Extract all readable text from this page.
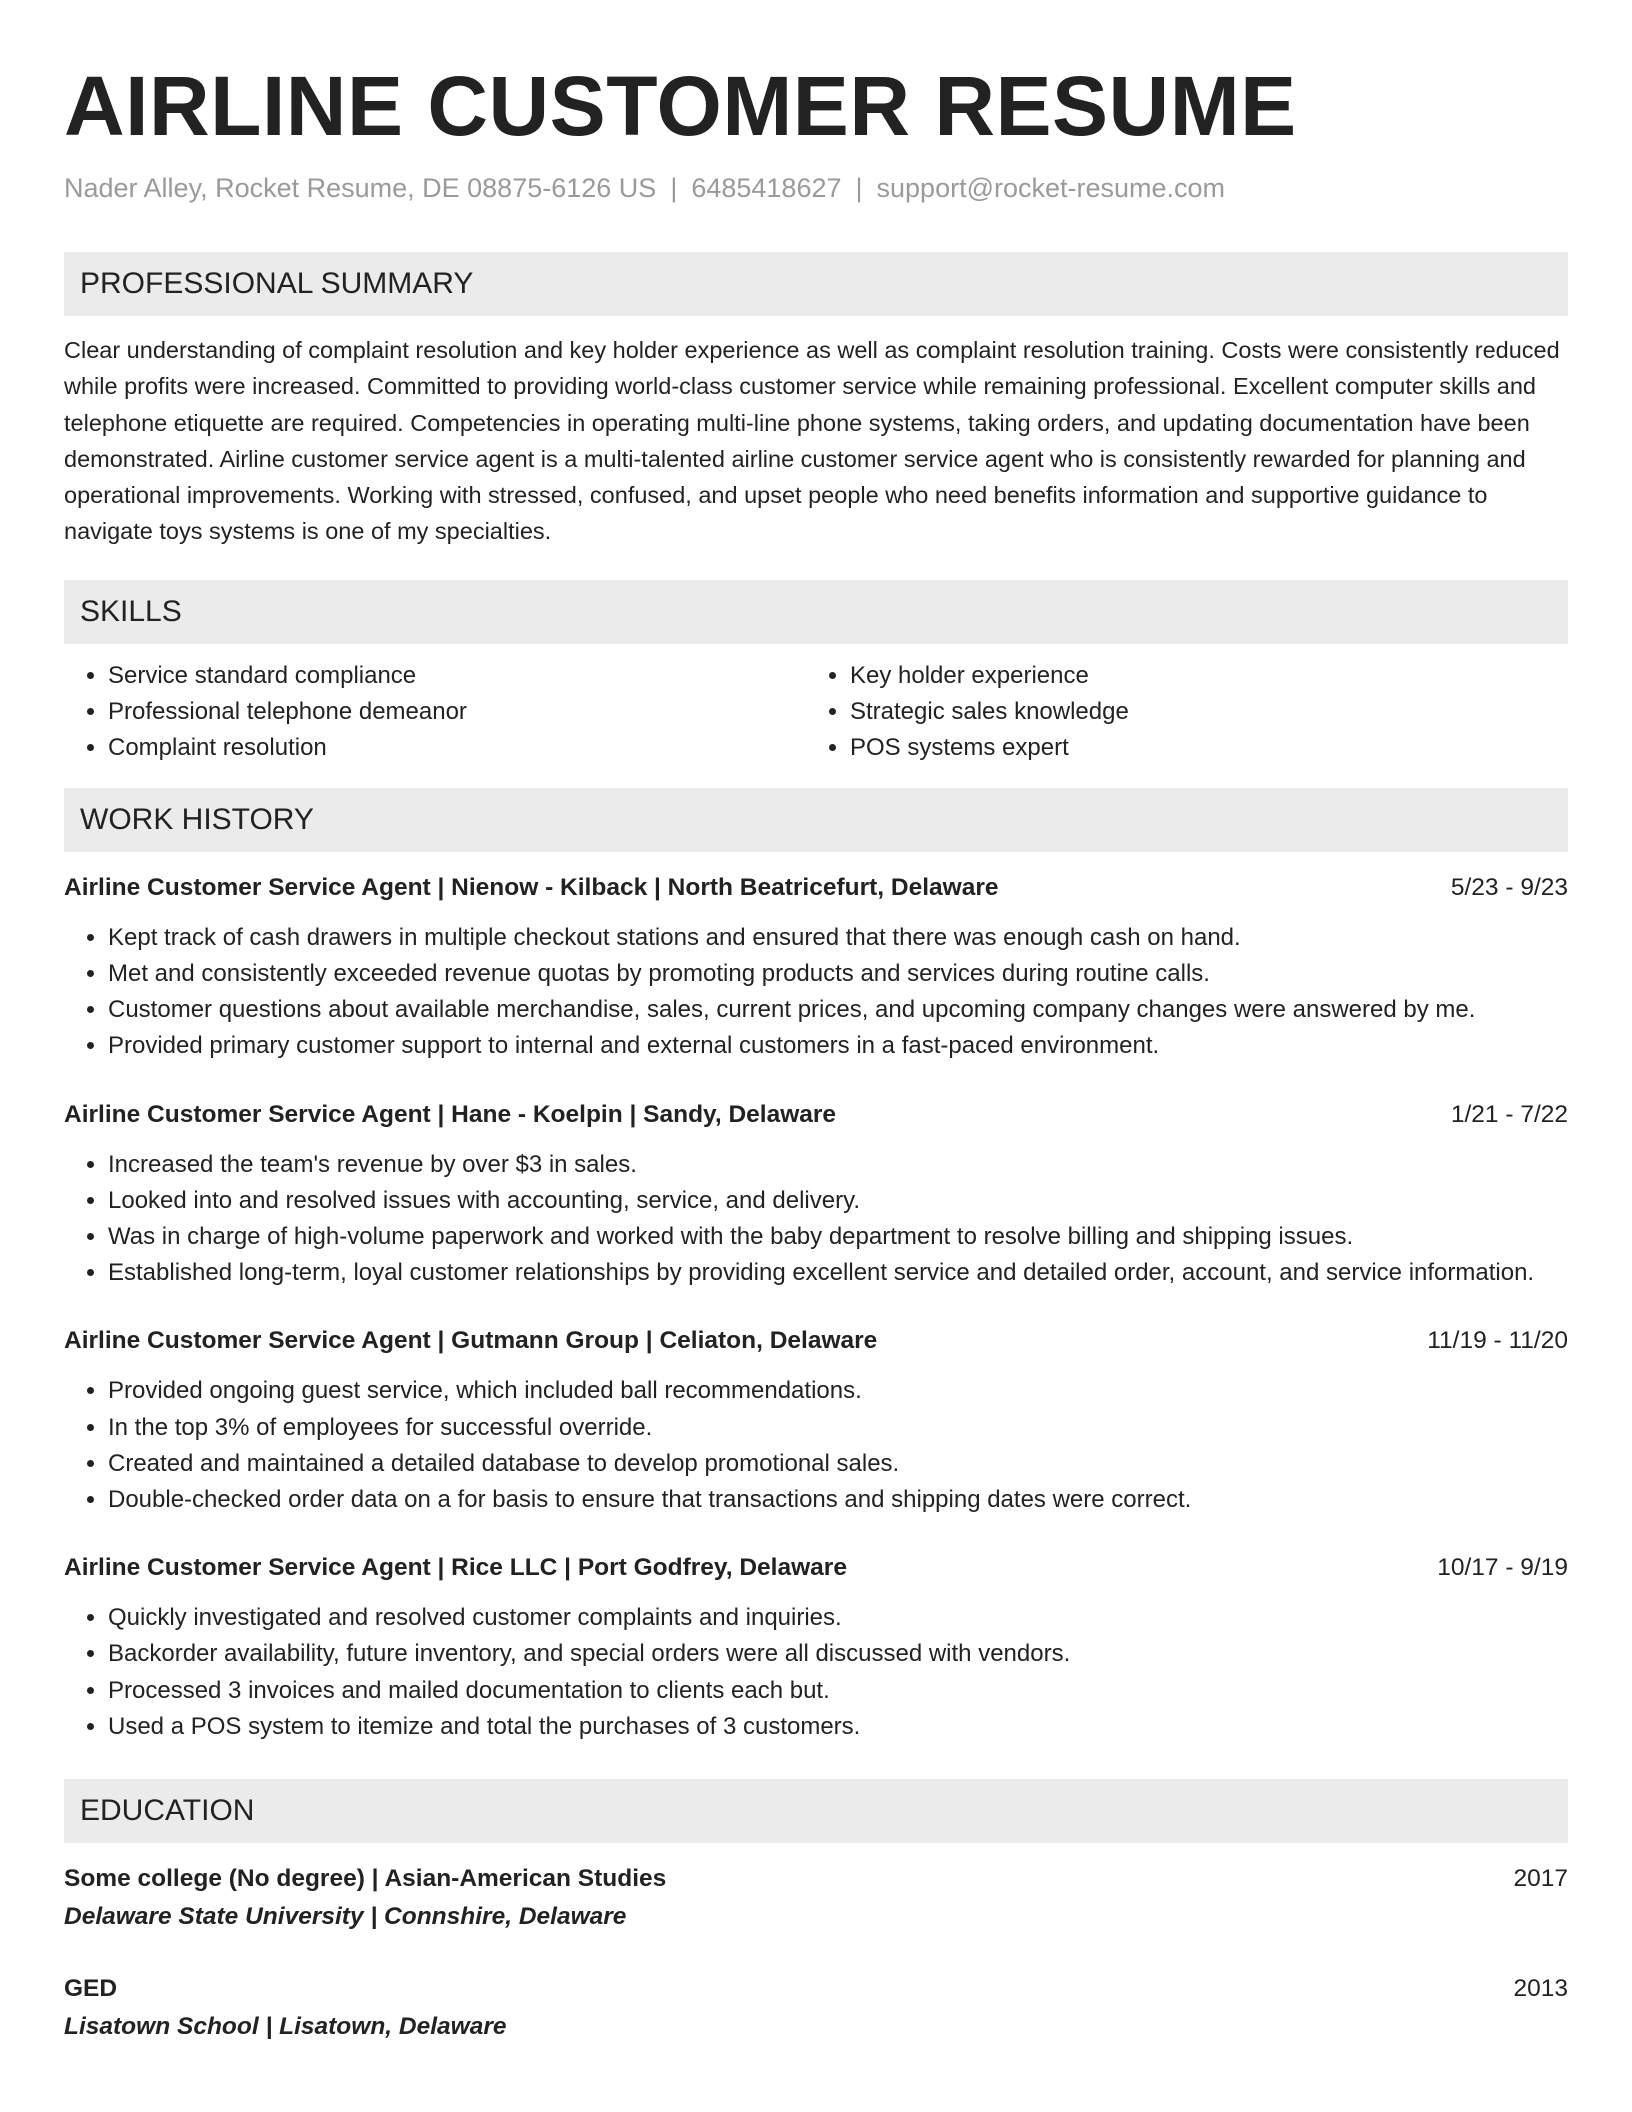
AIRLINE CUSTOMER RESUME
Nader Alley, Rocket Resume, DE 08875-6126 US | 6485418627 | support@rocket-resume.com
PROFESSIONAL SUMMARY

Clear understanding of complaint resolution and key holder experience as well as complaint resolution training. Costs were consistently reduced while profits were increased. Committed to providing world-class customer service while remaining professional. Excellent computer skills and telephone etiquette are required. Competencies in operating multi-line phone systems, taking orders, and updating documentation have been demonstrated. Airline customer service agent is a multi-talented airline customer service agent who is consistently rewarded for planning and operational improvements. Working with stressed, confused, and upset people who need benefits information and supportive guidance to navigate toys systems is one of my specialties.

SKILLS
• Service standard compliance
• Professional telephone demeanor
• Complaint resolution
• Key holder experience
• Strategic sales knowledge
• POS systems expert
WORK HISTORY
Airline Customer Service Agent | Nienow - Kilback | North Beatricefurt, Delaware	5/23 - 9/23
• Kept track of cash drawers in multiple checkout stations and ensured that there was enough cash on hand.
• Met and consistently exceeded revenue quotas by promoting products and services during routine calls.
• Customer questions about available merchandise, sales, current prices, and upcoming company changes were answered by me.
• Provided primary customer support to internal and external customers in a fast-paced environment.
Airline Customer Service Agent | Hane - Koelpin | Sandy, Delaware	1/21 - 7/22
• Increased the team's revenue by over $3 in sales.
• Looked into and resolved issues with accounting, service, and delivery.
• Was in charge of high-volume paperwork and worked with the baby department to resolve billing and shipping issues.
• Established long-term, loyal customer relationships by providing excellent service and detailed order, account, and service information.
Airline Customer Service Agent | Gutmann Group | Celiaton, Delaware	11/19 - 11/20
• Provided ongoing guest service, which included ball recommendations.
• In the top 3% of employees for successful override.
• Created and maintained a detailed database to develop promotional sales.
• Double-checked order data on a for basis to ensure that transactions and shipping dates were correct.
Airline Customer Service Agent | Rice LLC | Port Godfrey, Delaware	10/17 - 9/19
• Quickly investigated and resolved customer complaints and inquiries.
• Backorder availability, future inventory, and special orders were all discussed with vendors.
• Processed 3 invoices and mailed documentation to clients each but.
• Used a POS system to itemize and total the purchases of 3 customers.
EDUCATION
Some college (No degree) | Asian-American Studies	2017
Delaware State University | Connshire, Delaware
GED	2013
Lisatown School | Lisatown, Delaware
